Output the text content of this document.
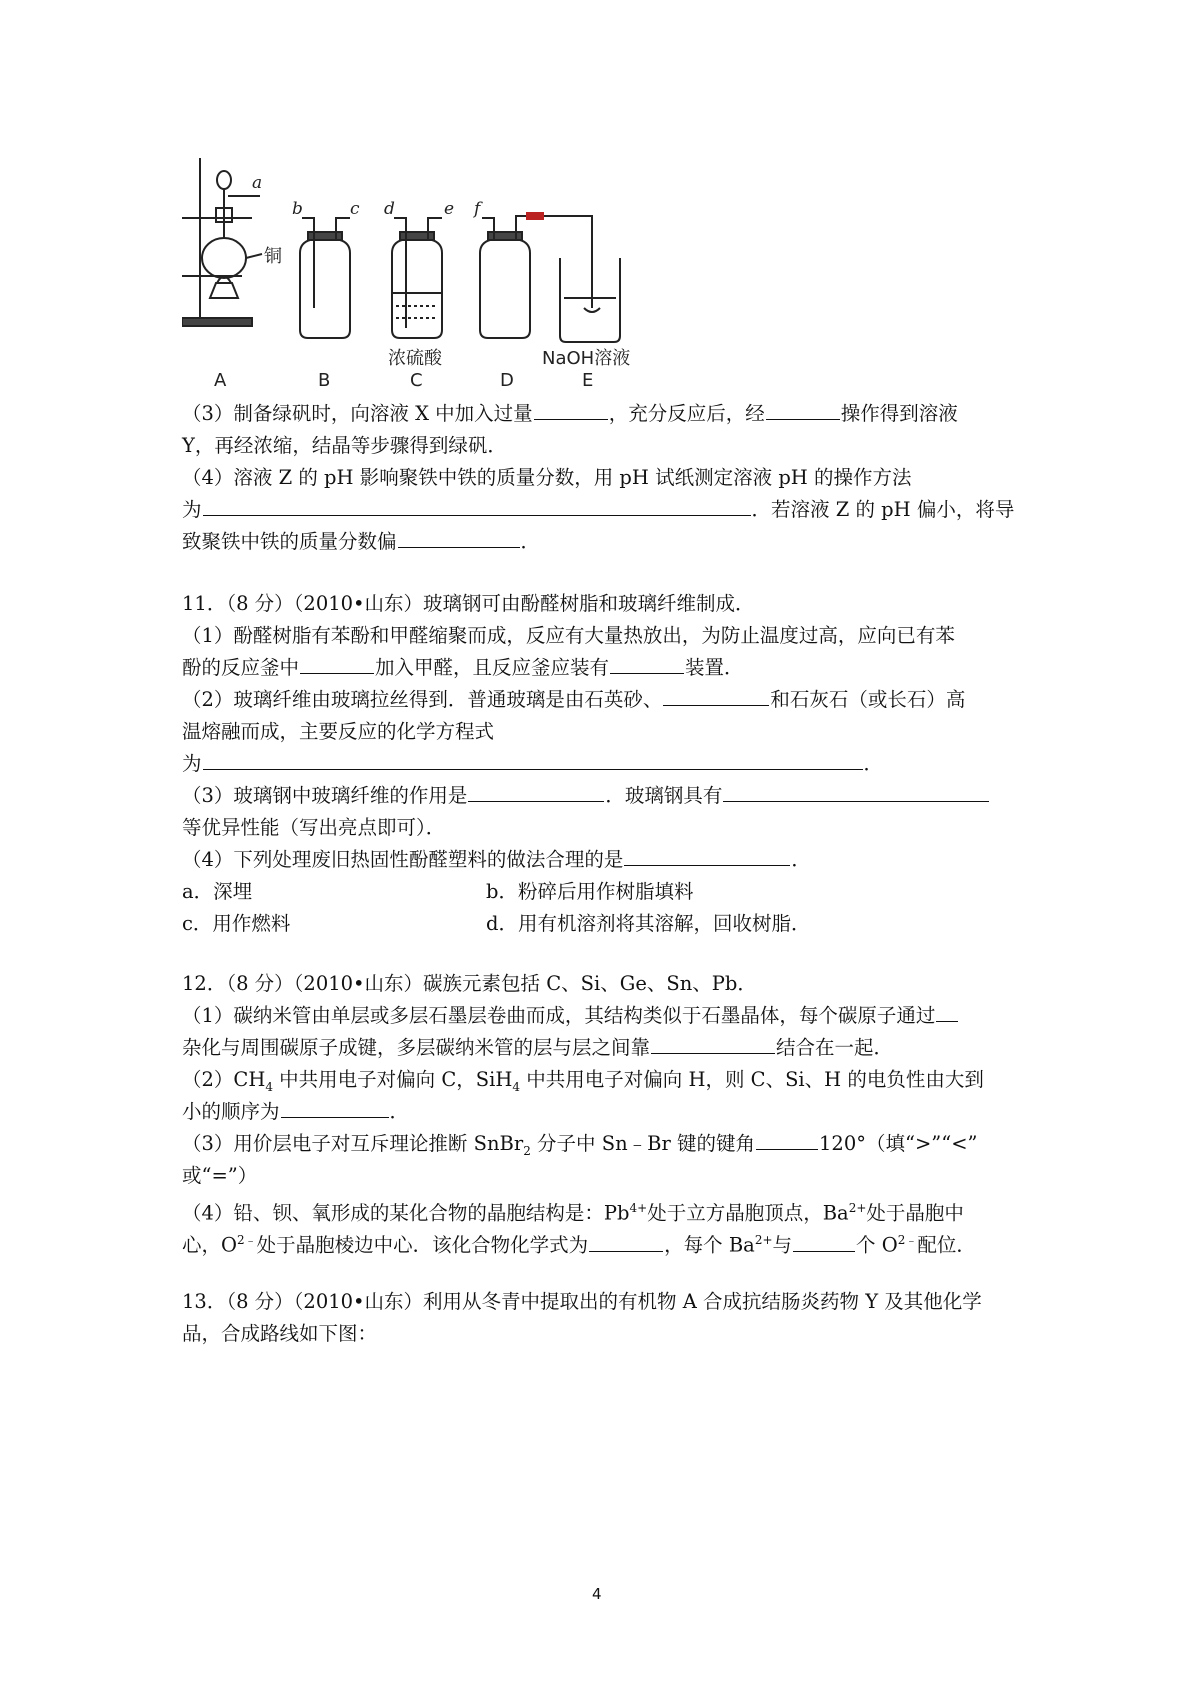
a
铜
b	c d	e
浓硫酸
f
NaOH溶液
A	B	C	D	E
（3）制备绿矾时，向溶液 X 中加入过量	，充分反应后，经	操作得到溶液
Y，再经浓缩，结晶等步骤得到绿矾．
（4）溶液 Z 的 pH 影响聚铁中铁的质量分数，用 pH 试纸测定溶液 pH 的操作方法
为	．若溶液 Z 的 pH 偏小，将导
致聚铁中铁的质量分数偏	．
11．（8 分）（2010•山东）玻璃钢可由酚醛树脂和玻璃纤维制成．
（1）酚醛树脂有苯酚和甲醛缩聚而成，反应有大量热放出，为防止温度过高，应向已有苯
酚的反应釜中	加入甲醛，且反应釜应装有	装置．
（2）玻璃纤维由玻璃拉丝得到．普通玻璃是由石英砂、	和石灰石（或长石）高
温熔融而成，主要反应的化学方程式
为	．
（3）玻璃钢中玻璃纤维的作用是	．玻璃钢具有
等优异性能（写出亮点即可）．
（4）下列处理废旧热固性酚醛塑料的做法合理的是	．
a．深埋	b．粉碎后用作树脂填料
c．用作燃料	d．用有机溶剂将其溶解，回收树脂．
12．（8 分）（2010•山东）碳族元素包括 C、Si、Ge、Sn、Pb．
（1）碳纳米管由单层或多层石墨层卷曲而成，其结构类似于石墨晶体，每个碳原子通过
杂化与周围碳原子成键，多层碳纳米管的层与层之间靠	结合在一起．
$(2)CH_4$ 中共用电子对偏向 C，SiH$_4$ 中共用电子对偏向 H，则 C、Si、H 的电负性由大到
小的顺序为	．
（3）用价层电子对互斥理论推断 SnBr$_2$ 分子中 Sn﹣Br 键的键角	120°（填“>”“<”
或“=”）
（4）铅、钡、氧形成的某化合物的晶胞结构是：$Pb^{4+}$处于立方晶胞顶点，$Ba^{2+}$处于晶胞中
心，$O^{2﹣}$处于晶胞棱边中心．该化合物化学式为	，每个 $Ba^{2+}$与	个 $O^{2﹣}$配位．
13．（8 分）（2010•山东）利用从冬青中提取出的有机物 A 合成抗结肠炎药物 Y 及其他化学
品，合成路线如下图：
4
